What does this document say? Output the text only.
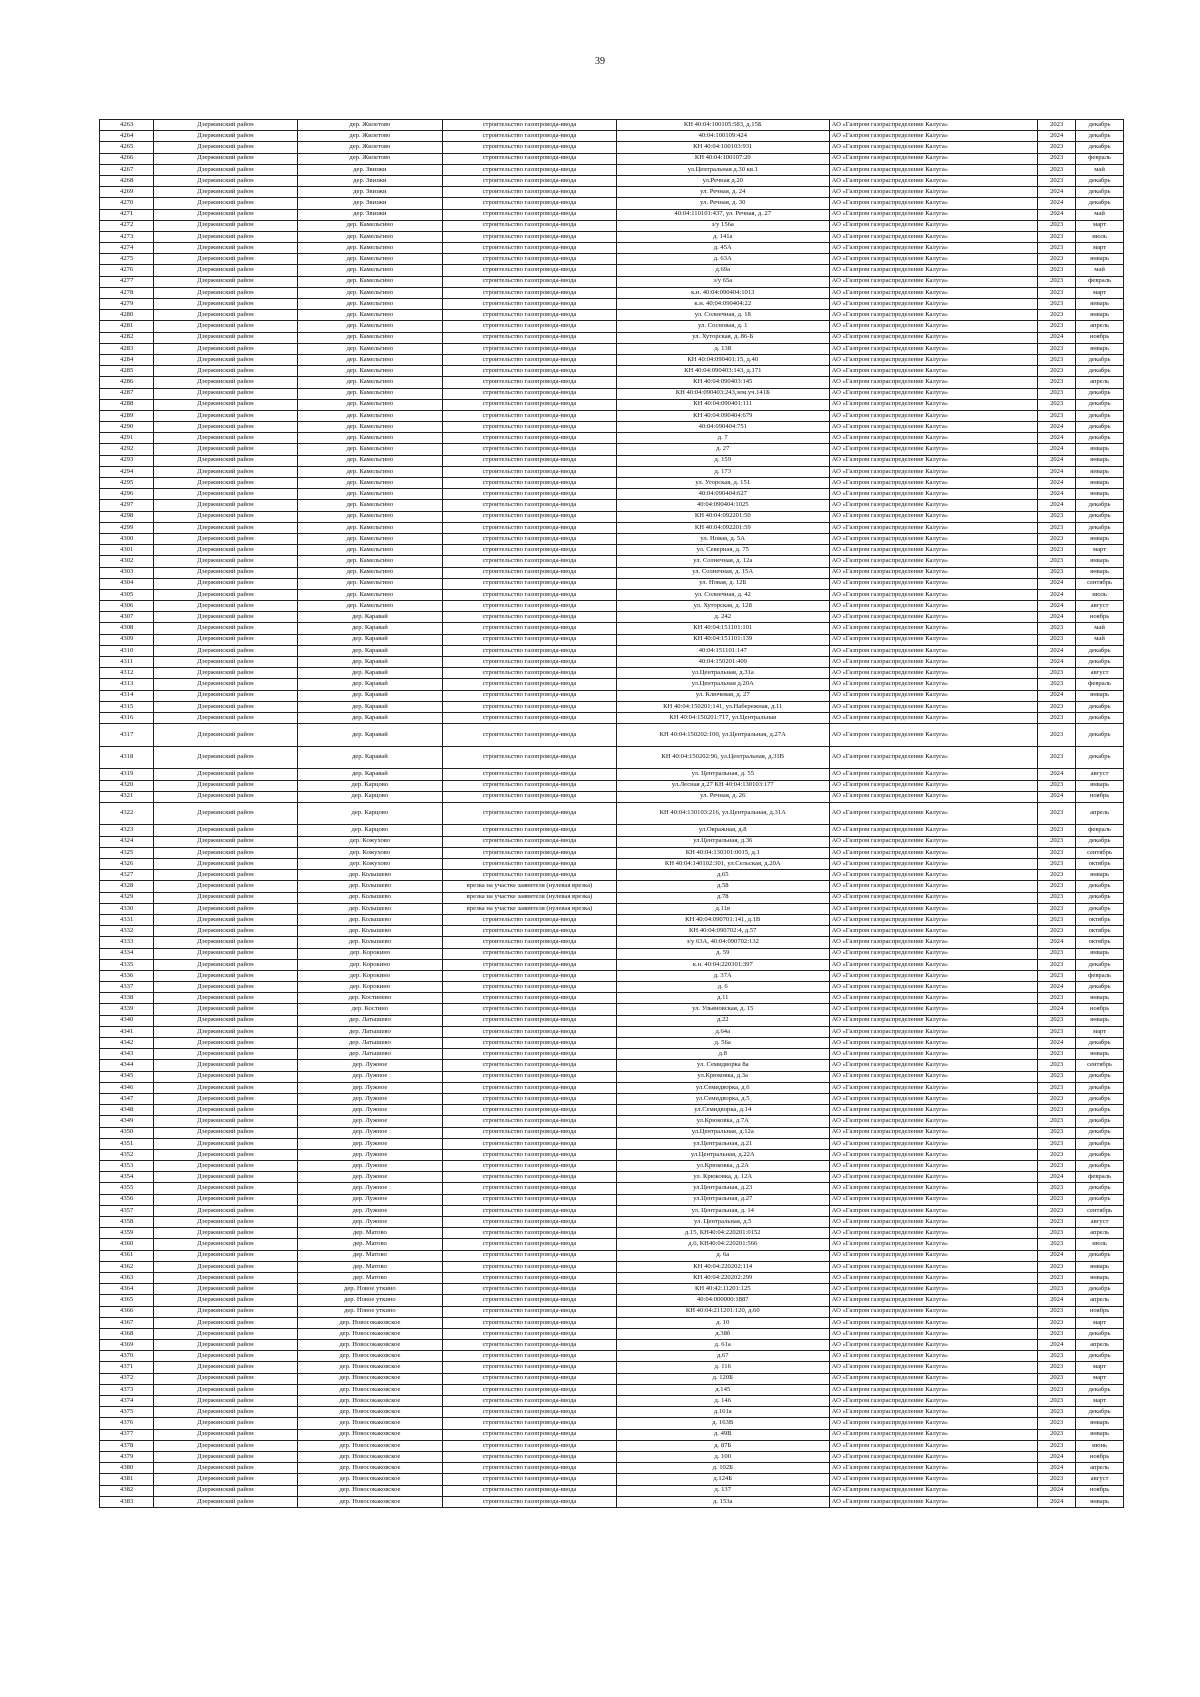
39
4263	Дзержинский район	дер. Жилетово	строительство газопровода-ввода	КН 40:04:100105:583, д.15Б	АО «Газпром газораспределение Калуга»	2023	декабрь
4264	Дзержинский район	дер. Жилетово	строительство газопровода-ввода	40:04:100109:424	АО «Газпром газораспределение Калуга»	2024	декабрь
4265	Дзержинский район	дер. Жилетово	строительство газопровода-ввода	КН 40:04:100103:931	АО «Газпром газораспределение Калуга»	2023	декабрь
4266	Дзержинский район	дер. Жилетово	строительство газопровода-ввода	КН 40:04:100107:20	АО «Газпром газораспределение Калуга»	2023	февраль
4267	Дзержинский район	дер. Звизжи	строительство газопровода-ввода	ул.Центральная д.30 кв.1	АО «Газпром газораспределение Калуга»	2023	май
4268	Дзержинский район	дер. Звизжи	строительство газопровода-ввода	ул.Речная д.20	АО «Газпром газораспределение Калуга»	2023	декабрь
4269	Дзержинский район	дер. Звизжи	строительство газопровода-ввода	ул. Речная, д. 24	АО «Газпром газораспределение Калуга»	2024	декабрь
4270	Дзержинский район	дер. Звизжи	строительство газопровода-ввода	ул. Речная, д. 30	АО «Газпром газораспределение Калуга»	2024	декабрь
4271	Дзержинский район	дер. Звизжи	строительство газопровода-ввода	40:04:110101:437, ул. Речная, д. 27	АО «Газпром газораспределение Калуга»	2024	май
4272	Дзержинский район	дер. Камельгино	строительство газопровода-ввода	з/у 156а	АО «Газпром газораспределение Калуга»	2023	март
4273	Дзержинский район	дер. Камельгино	строительство газопровода-ввода	д. 141а	АО «Газпром газораспределение Калуга»	2023	июль
4274	Дзержинский район	дер. Камельгино	строительство газопровода-ввода	д. 45А	АО «Газпром газораспределение Калуга»	2023	март
4275	Дзержинский район	дер. Камельгино	строительство газопровода-ввода	д. 63А	АО «Газпром газораспределение Калуга»	2023	январь
4276	Дзержинский район	дер. Камельгино	строительство газопровода-ввода	д.69а	АО «Газпром газораспределение Калуга»	2023	май
4277	Дзержинский район	дер. Камельгино	строительство газопровода-ввода	з/у 65а	АО «Газпром газораспределение Калуга»	2023	февраль
4278	Дзержинский район	дер. Камельгино	строительство газопровода-ввода	к.н. 40:04:090404:1013	АО «Газпром газораспределение Калуга»	2023	март
4279	Дзержинский район	дер. Камельгино	строительство газопровода-ввода	к.н. 40:04:090404:22	АО «Газпром газораспределение Калуга»	2023	январь
4280	Дзержинский район	дер. Камельгино	строительство газопровода-ввода	ул. Солнечная, д. 18	АО «Газпром газораспределение Калуга»	2023	январь
4281	Дзержинский район	дер. Камельгино	строительство газопровода-ввода	ул. Сосновая, д. 1	АО «Газпром газораспределение Калуга»	2023	апрель
4282	Дзержинский район	дер. Камельгино	строительство газопровода-ввода	ул. Хуторская, д. 86-Б	АО «Газпром газораспределение Калуга»	2024	ноябрь
4283	Дзержинский район	дер. Камельгино	строительство газопровода-ввода	д. 138	АО «Газпром газораспределение Калуга»	2023	январь
4284	Дзержинский район	дер. Камельгино	строительство газопровода-ввода	КН 40:04:090401:15, д.40	АО «Газпром газораспределение Калуга»	2023	декабрь
4285	Дзержинский район	дер. Камельгино	строительство газопровода-ввода	КН 40:04:090403:143, д.171	АО «Газпром газораспределение Калуга»	2023	декабрь
4286	Дзержинский район	дер. Камельгино	строительство газопровода-ввода	КН 40:04:090403:145	АО «Газпром газораспределение Калуга»	2023	апрель
4287	Дзержинский район	дер. Камельгино	строительство газопровода-ввода	КН 40:04:090403:243,зем.уч.141Б	АО «Газпром газораспределение Калуга»	2023	декабрь
4288	Дзержинский район	дер. Камельгино	строительство газопровода-ввода	КН 40:04:090401:111	АО «Газпром газораспределение Калуга»	2023	декабрь
4289	Дзержинский район	дер. Камельгино	строительство газопровода-ввода	КН 40:04:090404:679	АО «Газпром газораспределение Калуга»	2023	декабрь
4290	Дзержинский район	дер. Камельгино	строительство газопровода-ввода	40:04:090404:751	АО «Газпром газораспределение Калуга»	2024	декабрь
4291	Дзержинский район	дер. Камельгино	строительство газопровода-ввода	д. 7	АО «Газпром газораспределение Калуга»	2024	декабрь
4292	Дзержинский район	дер. Камельгино	строительство газопровода-ввода	д. 27	АО «Газпром газораспределение Калуга»	2024	январь
4293	Дзержинский район	дер. Камельгино	строительство газопровода-ввода	д. 159	АО «Газпром газораспределение Калуга»	2024	январь
4294	Дзержинский район	дер. Камельгино	строительство газопровода-ввода	д. 173	АО «Газпром газораспределение Калуга»	2024	январь
4295	Дзержинский район	дер. Камельгино	строительство газопровода-ввода	ул. Угорская, д. 151	АО «Газпром газораспределение Калуга»	2024	январь
4296	Дзержинский район	дер. Камельгино	строительство газопровода-ввода	40:04:090404:627	АО «Газпром газораспределение Калуга»	2024	январь
4297	Дзержинский район	дер. Камельгино	строительство газопровода-ввода	40:04:090404:1025	АО «Газпром газораспределение Калуга»	2024	декабрь
4298	Дзержинский район	дер. Камельгино	строительство газопровода-ввода	КН 40:04:092201:50	АО «Газпром газораспределение Калуга»	2023	декабрь
4299	Дзержинский район	дер. Камельгино	строительство газопровода-ввода	КН 40:04:092201:59	АО «Газпром газораспределение Калуга»	2023	декабрь
4300	Дзержинский район	дер. Камельгино	строительство газопровода-ввода	ул. Новая, д. 5А	АО «Газпром газораспределение Калуга»	2023	январь
4301	Дзержинский район	дер. Камельгино	строительство газопровода-ввода	ул. Северная, д. 75	АО «Газпром газораспределение Калуга»	2023	март
4302	Дзержинский район	дер. Камельгино	строительство газопровода-ввода	ул. Солнечная, д. 12а	АО «Газпром газораспределение Калуга»	2023	январь
4303	Дзержинский район	дер. Камельгино	строительство газопровода-ввода	ул. Солнечная, д. 15А	АО «Газпром газораспределение Калуга»	2023	январь
4304	Дзержинский район	дер. Камельгино	строительство газопровода-ввода	ул. Новая, д. 12Б	АО «Газпром газораспределение Калуга»	2024	сентябрь
4305	Дзержинский район	дер. Камельгино	строительство газопровода-ввода	ул. Солнечная, д. 42	АО «Газпром газораспределение Калуга»	2024	июль
4306	Дзержинский район	дер. Камельгино	строительство газопровода-ввода	ул. Хуторская, д. 128	АО «Газпром газораспределение Калуга»	2024	август
4307	Дзержинский район	дер. Каравай	строительство газопровода-ввода	д. 242	АО «Газпром газораспределение Калуга»	2024	ноябрь
4308	Дзержинский район	дер. Каравай	строительство газопровода-ввода	КН 40:04:151101:101	АО «Газпром газораспределение Калуга»	2023	май
4309	Дзержинский район	дер. Каравай	строительство газопровода-ввода	КН 40:04:151101:139	АО «Газпром газораспределение Калуга»	2023	май
4310	Дзержинский район	дер. Каравай	строительство газопровода-ввода	40:04:151101:147	АО «Газпром газораспределение Калуга»	2024	декабрь
4311	Дзержинский район	дер. Каравай	строительство газопровода-ввода	40:04:150201:409	АО «Газпром газораспределение Калуга»	2024	декабрь
4312	Дзержинский район	дер. Каравай	строительство газопровода-ввода	ул.Центральная, д.31а	АО «Газпром газораспределение Калуга»	2023	август
4313	Дзержинский район	дер. Каравай	строительство газопровода-ввода	ул.Центральная д.20А	АО «Газпром газораспределение Калуга»	2023	февраль
4314	Дзержинский район	дер. Каравай	строительство газопровода-ввода	ул. Ключевая, д. 27	АО «Газпром газораспределение Калуга»	2024	январь
4315	Дзержинский район	дер. Каравай	строительство газопровода-ввода	КН 40:04:150201:141, ул.Набережная, д.11	АО «Газпром газораспределение Калуга»	2023	декабрь
4316	Дзержинский район	дер. Каравай	строительство газопровода-ввода	КН 40:04:150201:717, ул.Центральная	АО «Газпром газораспределение Калуга»	2023	декабрь
4317	Дзержинский район	дер. Каравай	строительство газопровода-ввода	КН 40:04:150202:100, ул.Центральная, д.27А	АО «Газпром газораспределение Калуга»	2023	декабрь
4318	Дзержинский район	дер. Каравай	строительство газопровода-ввода	КН 40:04:150202:96, ул.Центральная, д.31В	АО «Газпром газораспределение Калуга»	2023	декабрь
4319	Дзержинский район	дер. Каравай	строительство газопровода-ввода	ул. Центральная, д. 55	АО «Газпром газораспределение Калуга»	2024	август
4320	Дзержинский район	дер. Карцово	строительство газопровода-ввода	ул.Лесная д.27 КН 40:04:130103:177	АО «Газпром газораспределение Калуга»	2023	январь
4321	Дзержинский район	дер. Карцово	строительство газопровода-ввода	ул. Речная, д. 26	АО «Газпром газораспределение Калуга»	2024	ноябрь
4322	Дзержинский район	дер. Карцово	строительство газопровода-ввода	КН 40:04:130103:216, ул.Центральная, д.31А	АО «Газпром газораспределение Калуга»	2023	апрель
4323	Дзержинский район	дер. Карцово	строительство газопровода-ввода	ул.Овражная, д.8	АО «Газпром газораспределение Калуга»	2023	февраль
4324	Дзержинский район	дер. Кожухово	строительство газопровода-ввода	ул.Центральная, д.36	АО «Газпром газораспределение Калуга»	2023	декабрь
4325	Дзержинский район	дер. Кожухово	строительство газопровода-ввода	КН 40:04:130301:0015, д.1	АО «Газпром газораспределение Калуга»	2023	сентябрь
4326	Дзержинский район	дер. Кожухово	строительство газопровода-ввода	КН 40:04:140102:301, ул.Сельская, д.20А	АО «Газпром газораспределение Калуга»	2023	октябрь
4327	Дзержинский район	дер. Колышево	строительство газопровода-ввода	д.65	АО «Газпром газораспределение Калуга»	2023	январь
4328	Дзержинский район	дер. Колышево	врезка на участке заявителя (нулевая врезка)	д.58	АО «Газпром газораспределение Калуга»	2023	декабрь
4329	Дзержинский район	дер. Колышево	врезка на участке заявителя (нулевая врезка)	д.78	АО «Газпром газораспределение Калуга»	2023	декабрь
4330	Дзержинский район	дер. Колышево	врезка на участке заявителя (нулевая врезка)	д.11в	АО «Газпром газораспределение Калуга»	2023	декабрь
4331	Дзержинский район	дер. Колышево	строительство газопровода-ввода	КН 40:04:090701:141, д.1В	АО «Газпром газораспределение Калуга»	2023	октябрь
4332	Дзержинский район	дер. Колышево	строительство газопровода-ввода	КН 40:04:090702:4, д.57	АО «Газпром газораспределение Калуга»	2023	октябрь
4333	Дзержинский район	дер. Колышево	строительство газопровода-ввода	з/у 63А, 40:04:090702:132	АО «Газпром газораспределение Калуга»	2024	октябрь
4334	Дзержинский район	дер. Корокино	строительство газопровода-ввода	д. 59	АО «Газпром газораспределение Калуга»	2023	январь
4335	Дзержинский район	дер. Корокино	строительство газопровода-ввода	к.н. 40:04:220301:397	АО «Газпром газораспределение Калуга»	2023	декабрь
4336	Дзержинский район	дер. Корокино	строительство газопровода-ввода	д. 37А	АО «Газпром газораспределение Калуга»	2023	февраль
4337	Дзержинский район	дер. Корокино	строительство газопровода-ввода	д. 6	АО «Газпром газораспределение Калуга»	2024	декабрь
4338	Дзержинский район	дер. Костинево	строительство газопровода-ввода	д.11	АО «Газпром газораспределение Калуга»	2023	январь
4339	Дзержинский район	дер. Костино	строительство газопровода-ввода	ул. Ульяновская, д. 15	АО «Газпром газораспределение Калуга»	2024	ноябрь
4340	Дзержинский район	дер. Латышево	строительство газопровода-ввода	д.22	АО «Газпром газораспределение Калуга»	2023	январь
4341	Дзержинский район	дер. Латышево	строительство газопровода-ввода	д.64а	АО «Газпром газораспределение Калуга»	2023	март
4342	Дзержинский район	дер. Латышево	строительство газопровода-ввода	д. 56а	АО «Газпром газораспределение Калуга»	2024	декабрь
4343	Дзержинский район	дер. Латышево	строительство газопровода-ввода	д.8	АО «Газпром газораспределение Калуга»	2023	январь
4344	Дзержинский район	дер. Лужное	строительство газопровода-ввода	ул. Семидворка 8а	АО «Газпром газораспределение Калуга»	2023	сентябрь
4345	Дзержинский район	дер. Лужное	строительство газопровода-ввода	ул.Крюковка, д.3а	АО «Газпром газораспределение Калуга»	2023	декабрь
4346	Дзержинский район	дер. Лужное	строительство газопровода-ввода	ул.Семидворка, д.6	АО «Газпром газораспределение Калуга»	2023	декабрь
4347	Дзержинский район	дер. Лужное	строительство газопровода-ввода	ул.Семидворка, д.5	АО «Газпром газораспределение Калуга»	2023	декабрь
4348	Дзержинский район	дер. Лужное	строительство газопровода-ввода	ул.Семидворка, д.14	АО «Газпром газораспределение Калуга»	2023	декабрь
4349	Дзержинский район	дер. Лужное	строительство газопровода-ввода	ул.Крюковка, д.7А	АО «Газпром газораспределение Калуга»	2023	декабрь
4350	Дзержинский район	дер. Лужное	строительство газопровода-ввода	ул.Центральная, д.12а	АО «Газпром газораспределение Калуга»	2023	декабрь
4351	Дзержинский район	дер. Лужное	строительство газопровода-ввода	ул.Центральная, д.21	АО «Газпром газораспределение Калуга»	2023	декабрь
4352	Дзержинский район	дер. Лужное	строительство газопровода-ввода	ул.Центральная, д.22А	АО «Газпром газораспределение Калуга»	2023	декабрь
4353	Дзержинский район	дер. Лужное	строительство газопровода-ввода	ул.Крюковка, д.2А	АО «Газпром газораспределение Калуга»	2023	декабрь
4354	Дзержинский район	дер. Лужное	строительство газопровода-ввода	ул. Крюковка, д. 12А	АО «Газпром газораспределение Калуга»	2024	февраль
4355	Дзержинский район	дер. Лужное	строительство газопровода-ввода	ул.Центральная, д.23	АО «Газпром газораспределение Калуга»	2023	декабрь
4356	Дзержинский район	дер. Лужное	строительство газопровода-ввода	ул.Центральная, д.27	АО «Газпром газораспределение Калуга»	2023	декабрь
4357	Дзержинский район	дер. Лужное	строительство газопровода-ввода	ул. Центральная, д. 14	АО «Газпром газораспределение Калуга»	2023	сентябрь
4358	Дзержинский район	дер. Лужное	строительство газопровода-ввода	ул. Центральная, д.5	АО «Газпром газораспределение Калуга»	2023	август
4359	Дзержинский район	дер. Матово	строительство газопровода-ввода	д.15, КН40:04:220201:0152	АО «Газпром газораспределение Калуга»	2023	апрель
4360	Дзержинский район	дер. Матово	строительство газопровода-ввода	д.6, КН40:04:220201:566	АО «Газпром газораспределение Калуга»	2023	июль
4361	Дзержинский район	дер. Матово	строительство газопровода-ввода	д. 6а	АО «Газпром газораспределение Калуга»	2024	декабрь
4362	Дзержинский район	дер. Матово	строительство газопровода-ввода	КН 40:04:220202:114	АО «Газпром газораспределение Калуга»	2023	январь
4363	Дзержинский район	дер. Матово	строительство газопровода-ввода	КН 40:04:220202:299	АО «Газпром газораспределение Калуга»	2023	январь
4364	Дзержинский район	дер. Новое уткино	строительство газопровода-ввода	КН 40:42:11201:125	АО «Газпром газораспределение Калуга»	2023	декабрь
4365	Дзержинский район	дер. Новое уткино	строительство газопровода-ввода	40:04:000000:1887	АО «Газпром газораспределение Калуга»	2024	апрель
4366	Дзержинский район	дер. Новое уткино	строительство газопровода-ввода	КН 40:04:211201:120, д.60	АО «Газпром газораспределение Калуга»	2023	ноябрь
4367	Дзержинский район	дер. Новосокаковское	строительство газопровода-ввода	д. 10	АО «Газпром газораспределение Калуга»	2023	март
4368	Дзержинский район	дер. Новосокаковское	строительство газопровода-ввода	д.38б	АО «Газпром газораспределение Калуга»	2023	декабрь
4369	Дзержинский район	дер. Новосокаковское	строительство газопровода-ввода	д. 61а	АО «Газпром газораспределение Калуга»	2024	апрель
4370	Дзержинский район	дер. Новосокаковское	строительство газопровода-ввода	д.67	АО «Газпром газораспределение Калуга»	2023	декабрь
4371	Дзержинский район	дер. Новосокаковское	строительство газопровода-ввода	д. 116	АО «Газпром газораспределение Калуга»	2023	март
4372	Дзержинский район	дер. Новосокаковское	строительство газопровода-ввода	д. 120Б	АО «Газпром газораспределение Калуга»	2023	март
4373	Дзержинский район	дер. Новосокаковское	строительство газопровода-ввода	д.145	АО «Газпром газораспределение Калуга»	2023	декабрь
4374	Дзержинский район	дер. Новосокаковское	строительство газопровода-ввода	д. 146	АО «Газпром газораспределение Калуга»	2023	март
4375	Дзержинский район	дер. Новосокаковское	строительство газопровода-ввода	д.161а	АО «Газпром газораспределение Калуга»	2023	декабрь
4376	Дзержинский район	дер. Новосокаковское	строительство газопровода-ввода	д. 163В	АО «Газпром газораспределение Калуга»	2023	январь
4377	Дзержинский район	дер. Новосокаковское	строительство газопровода-ввода	д. 49В	АО «Газпром газораспределение Калуга»	2023	январь
4378	Дзержинский район	дер. Новосокаковское	строительство газопровода-ввода	д. 87Б	АО «Газпром газораспределение Калуга»	2023	июнь
4379	Дзержинский район	дер. Новосокаковское	строительство газопровода-ввода	д. 100	АО «Газпром газораспределение Калуга»	2024	ноябрь
4380	Дзержинский район	дер. Новосокаковское	строительство газопровода-ввода	д. 102Б	АО «Газпром газораспределение Калуга»	2024	апрель
4381	Дзержинский район	дер. Новосокаковское	строительство газопровода-ввода	д.124Б	АО «Газпром газораспределение Калуга»	2023	август
4382	Дзержинский район	дер. Новосокаковское	строительство газопровода-ввода	д. 137	АО «Газпром газораспределение Калуга»	2024	ноябрь
4383	Дзержинский район	дер. Новосокаковское	строительство газопровода-ввода	д. 153а	АО «Газпром газораспределение Калуга»	2024	январь
